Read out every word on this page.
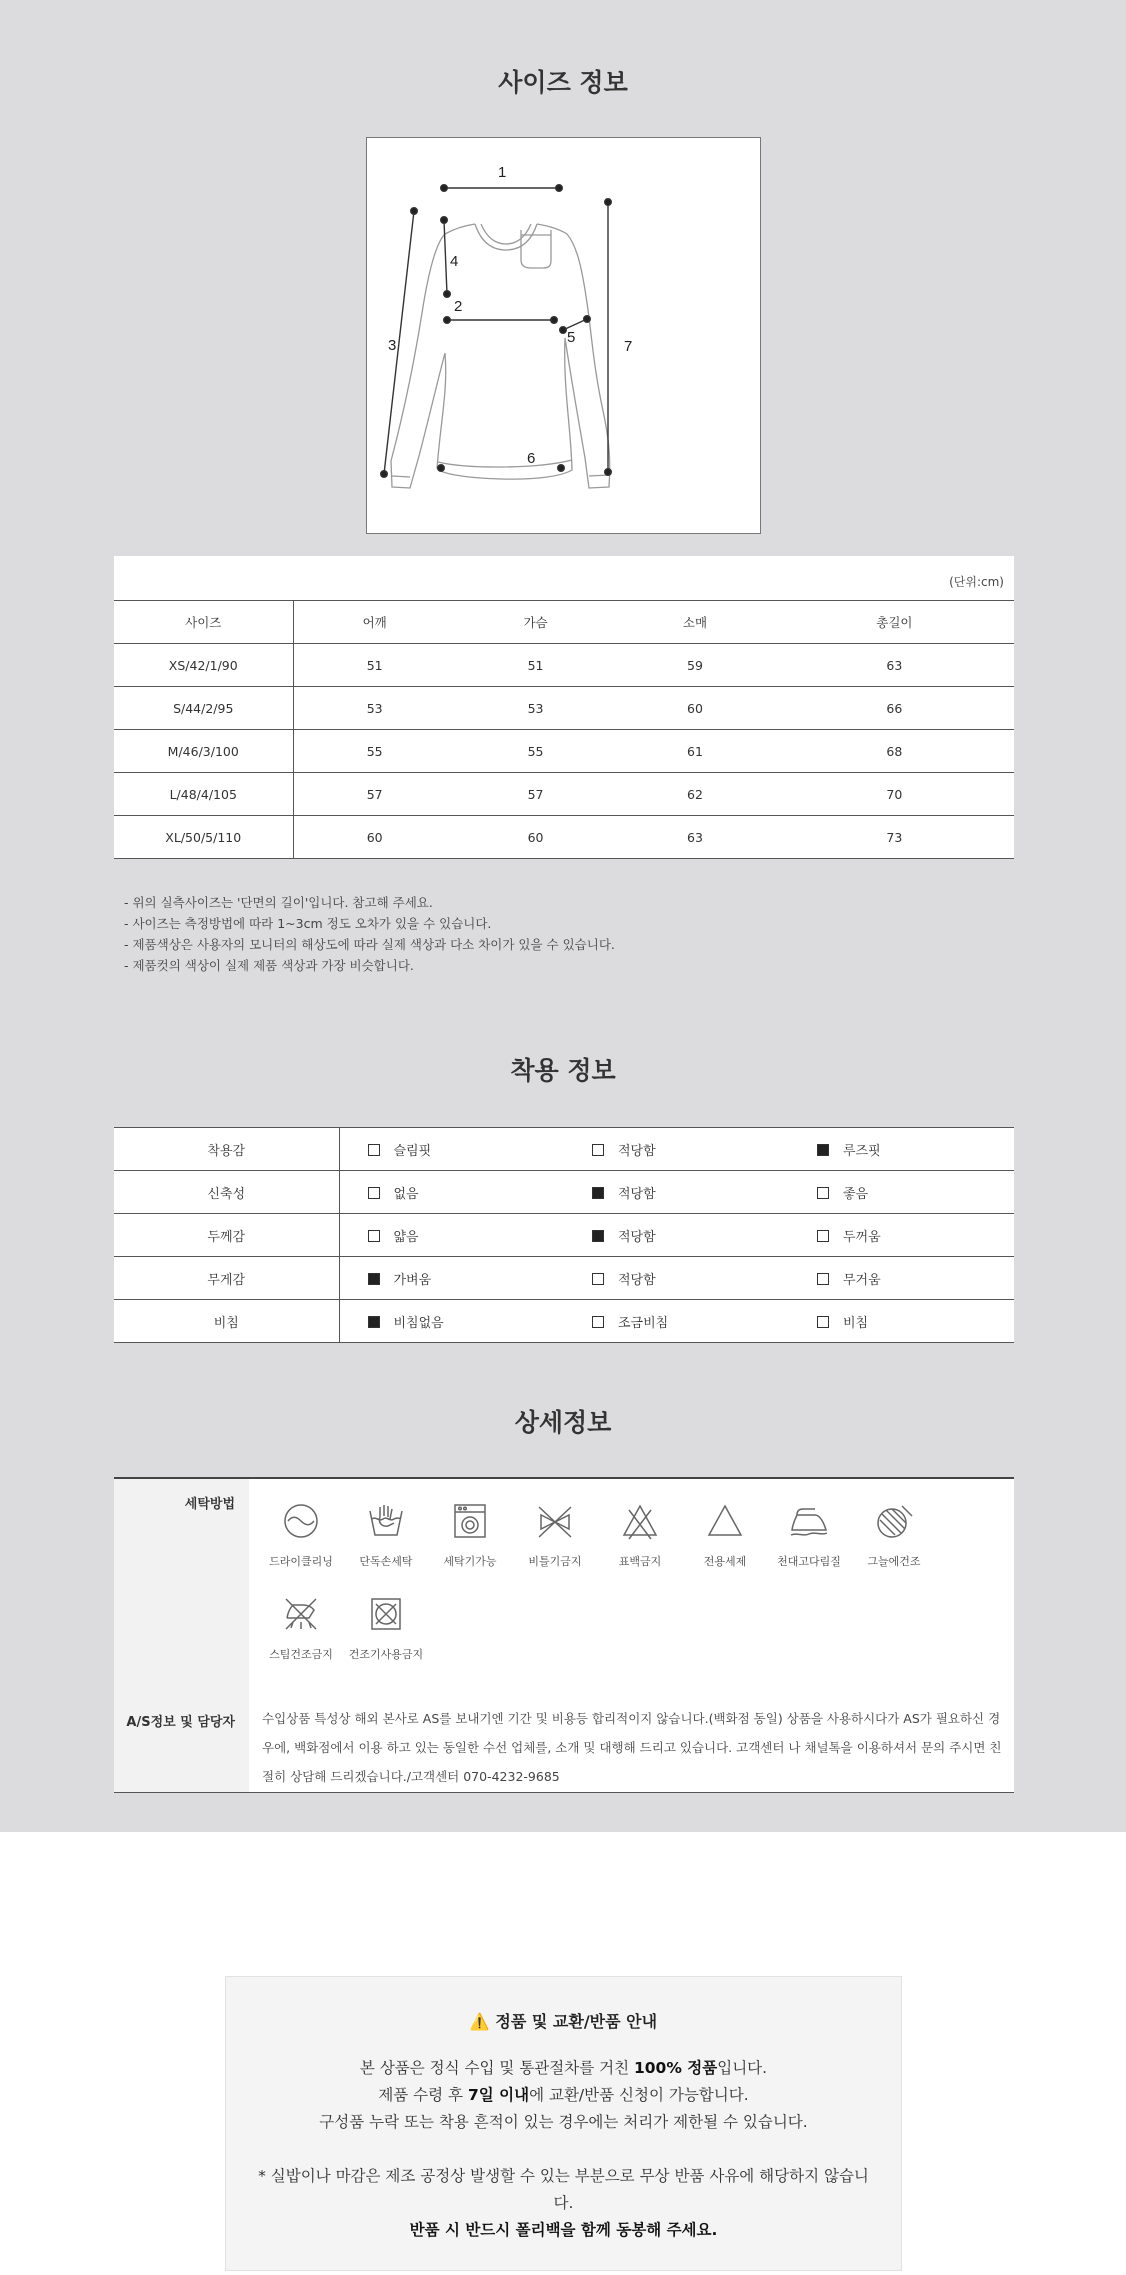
사이즈 정보
1
2
3
4
5
6
7
(단위:cm)
사이즈	어깨	가슴	소매	총길이
XS/42/1/90	51	51	59	63
S/44/2/95	53	53	60	66
M/46/3/100	55	55	61	68
L/48/4/105	57	57	62	70
XL/50/5/110	60	60	63	73
- 위의 실측사이즈는 '단면의 길이'입니다. 참고해 주세요.
- 사이즈는 측정방법에 따라 1~3cm 정도 오차가 있을 수 있습니다.
- 제품색상은 사용자의 모니터의 해상도에 따라 실제 색상과 다소 차이가 있을 수 있습니다.
- 제품컷의 색상이 실제 제품 색상과 가장 비슷합니다.
착용 정보
착용감	슬림핏	적당함	루즈핏
신축성	없음	적당함	좋음
두께감	얇음	적당함	두꺼움
무게감	가벼움	적당함	무거움
비침	비침없음	조금비침	비침
상세정보
세탁방법
A/S정보 및 담당자
드라이클리닝	단독손세탁	세탁기가능	비틀기금지	표백금지	전용세제	천대고다림질	그늘에건조
스팀건조금지	건조기사용금지
수입상품 특성상 해외 본사로 AS를 보내기엔 기간 및 비용등 합리적이지 않습니다.(백화점 동일) 상품을 사용하시다가 AS가 필요하신 경우에, 백화점에서 이용 하고 있는 동일한 수선 업체를, 소개 및 대행해 드리고 있습니다. 고객센터 나 채널톡을 이용하셔서 문의 주시면 친절히 상담해 드리겠습니다./고객센터 070-4232-9685
⚠️ 정품 및 교환/반품 안내
본 상품은 정식 수입 및 통관절차를 거친 100% 정품입니다.
제품 수령 후 7일 이내에 교환/반품 신청이 가능합니다.
구성품 누락 또는 착용 흔적이 있는 경우에는 처리가 제한될 수 있습니다.
* 실밥이나 마감은 제조 공정상 발생할 수 있는 부분으로 무상 반품 사유에 해당하지 않습니다.
반품 시 반드시 폴리백을 함께 동봉해 주세요.
